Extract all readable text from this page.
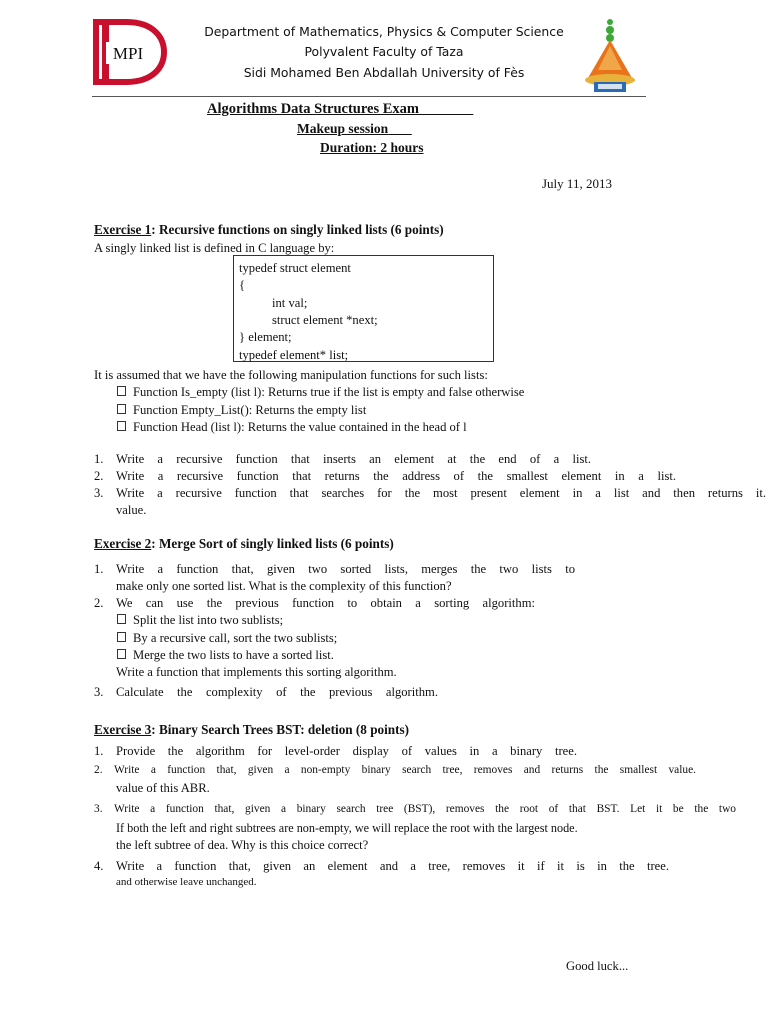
MPI
Department of Mathematics, Physics & Computer Science
Polyvalent Faculty of Taza
Sidi Mohamed Ben Abdallah University of Fès
Algorithms Data Structures Exam
Makeup session
Duration: 2 hours
July 11, 2013
Exercise 1: Recursive functions on singly linked lists (6 points)
A singly linked list is defined in C language by:
typedef struct element
{
int val;
struct element *next;
} element;
typedef element* list;
It is assumed that we have the following manipulation functions for such lists:
Function Is_empty (list l): Returns true if the list is empty and false otherwise
Function Empty_List(): Returns the empty list
Function Head (list l): Returns the value contained in the head of l
1. Write a recursive function that inserts an element at the end of a list.
2. Write a recursive function that returns the address of the smallest element in a list.
3. Write a recursive function that searches for the most present element in a list and then returns it.
value.
Exercise 2: Merge Sort of singly linked lists (6 points)
1. Write a function that, given two sorted lists, merges the two lists to
make only one sorted list. What is the complexity of this function?
2. We can use the previous function to obtain a sorting algorithm:
Split the list into two sublists;
By a recursive call, sort the two sublists;
Merge the two lists to have a sorted list.
Write a function that implements this sorting algorithm.
3. Calculate the complexity of the previous algorithm.
Exercise 3: Binary Search Trees BST: deletion (8 points)
1. Provide the algorithm for level-order display of values in a binary tree.
2. Write a function that, given a non-empty binary search tree, removes and returns the smallest value.
value of this ABR.
3. Write a function that, given a binary search tree (BST), removes the root of that BST. Let it be the two
If both the left and right subtrees are non-empty, we will replace the root with the largest node.
the left subtree of dea. Why is this choice correct?
4. Write a function that, given an element and a tree, removes it if it is in the tree.
and otherwise leave unchanged.
Good luck...
